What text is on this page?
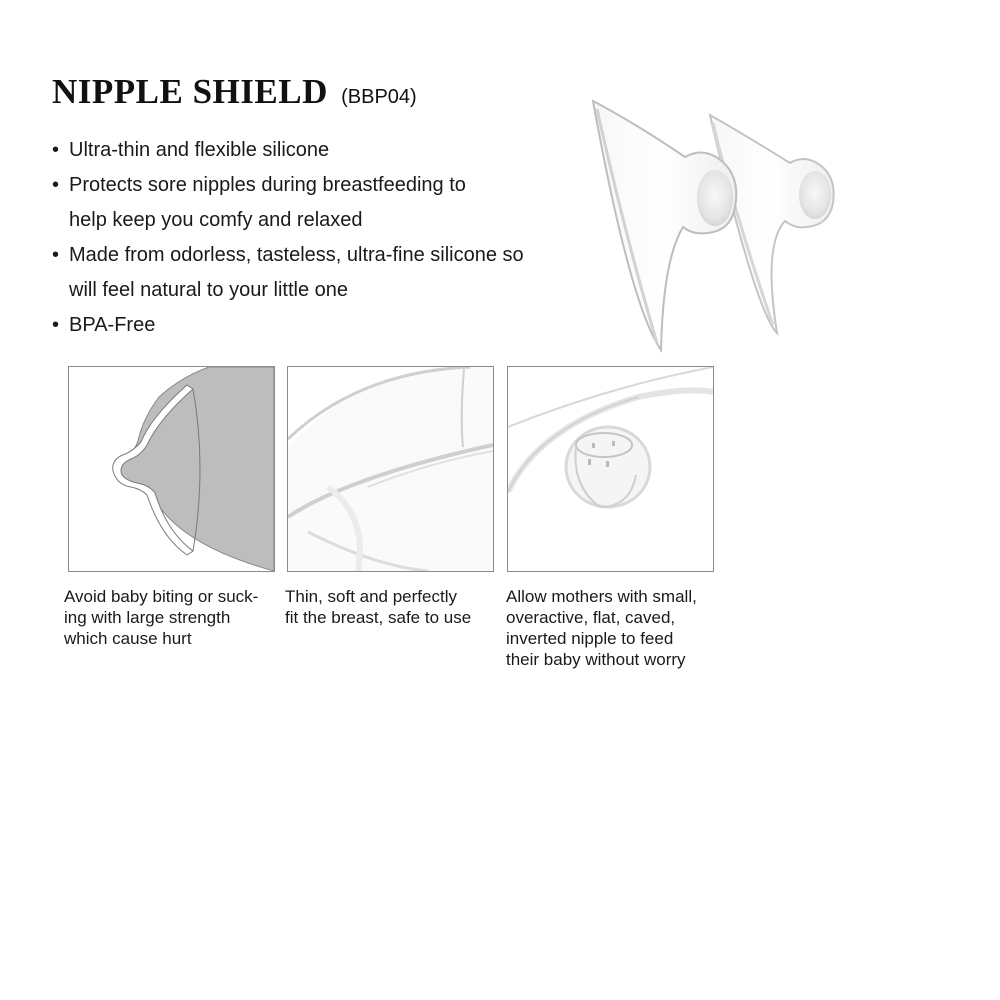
NIPPLE SHIELD (BBP04)
• Ultra-thin and flexible silicone
• Protects sore nipples during breastfeeding to
help keep you comfy and relaxed
• Made from odorless, tasteless, ultra-fine silicone so
will feel natural to your little one
• BPA-Free

Avoid baby biting or suck-
ing with large strength
which cause hurt

Thin, soft and perfectly
fit the breast, safe to use

Allow mothers with small,
overactive, flat, caved,
inverted nipple to feed
their baby without worry
